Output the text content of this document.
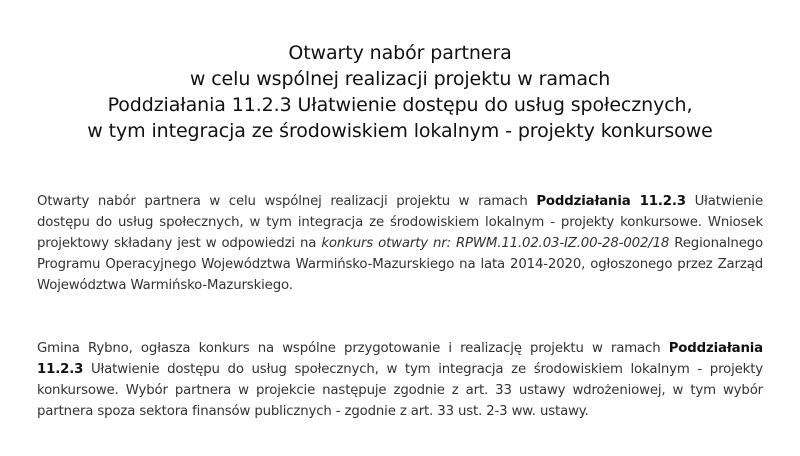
Otwarty nabór partnera
w celu wspólnej realizacji projektu w ramach
Poddziałania 11.2.3 Ułatwienie dostępu do usług społecznych,
w tym integracja ze środowiskiem lokalnym - projekty konkursowe

Otwarty nabór partnera w celu wspólnej realizacji projektu w ramach Poddziałania 11.2.3 Ułatwienie dostępu do usług społecznych, w tym integracja ze środowiskiem lokalnym - projekty konkursowe. Wniosek projektowy składany jest w odpowiedzi na konkurs otwarty nr: RPWM.11.02.03-IZ.00-28-002/18 Regionalnego Programu Operacyjnego Województwa Warmińsko-Mazurskiego na lata 2014-2020, ogłoszonego przez Zarząd Województwa Warmińsko-Mazurskiego.

Gmina Rybno, ogłasza konkurs na wspólne przygotowanie i realizację projektu w ramach Poddziałania 11.2.3 Ułatwienie dostępu do usług społecznych, w tym integracja ze środowiskiem lokalnym - projekty konkursowe. Wybór partnera w projekcie następuje zgodnie z art. 33 ustawy wdrożeniowej, w tym wybór partnera spoza sektora finansów publicznych - zgodnie z art. 33 ust. 2-3 ww. ustawy.
